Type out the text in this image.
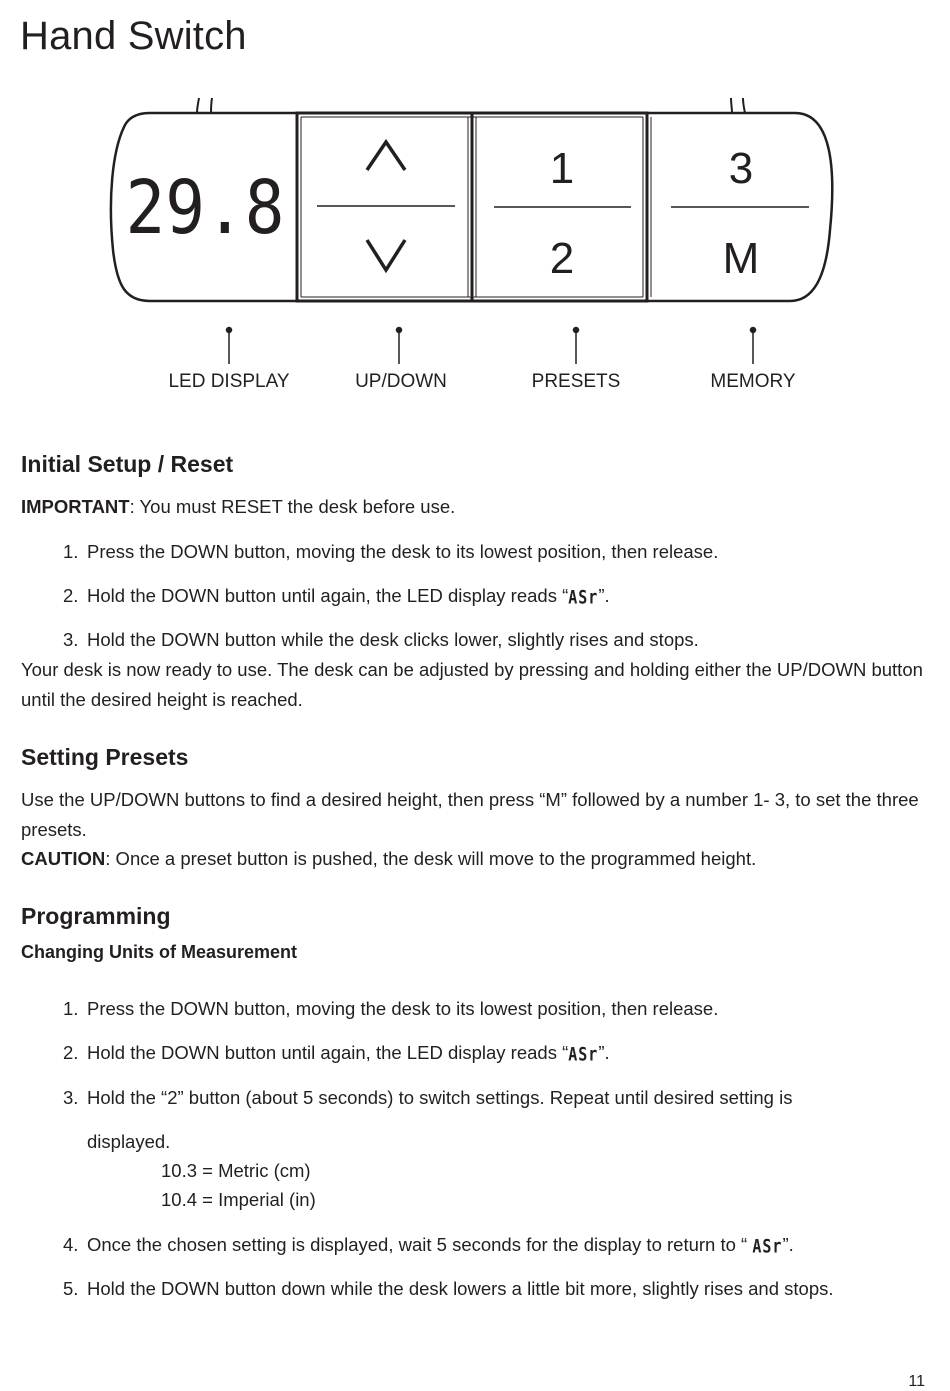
Hand Switch
29.8	1
2
3
M
LED DISPLAY	UP/DOWN	PRESETS	MEMORY
Initial Setup / Reset

IMPORTANT: You must RESET the desk before use.

1. Press the DOWN button, moving the desk to its lowest position, then release.

2. Hold the DOWN button until again, the LED display reads “ASr”.

3. Hold the DOWN button while the desk clicks lower, slightly rises and stops.

Your desk is now ready to use. The desk can be adjusted by pressing and holding either the UP/DOWN button until the desired height is reached.

Setting Presets

Use the UP/DOWN buttons to find a desired height, then press “M” followed by a number 1- 3, to set the three presets.

CAUTION: Once a preset button is pushed, the desk will move to the programmed height.

Programming
Changing Units of Measurement

1. Press the DOWN button, moving the desk to its lowest position, then release.

2. Hold the DOWN button until again, the LED display reads “ASr”.

3. Hold the “2” button (about 5 seconds) to switch settings. Repeat until desired setting is
displayed.

10.3 = Metric (cm)

10.4 = Imperial (in)

4. Once the chosen setting is displayed, wait 5 seconds for the display to return to “ ASr”.

5. Hold the DOWN button down while the desk lowers a little bit more, slightly rises and stops.

11
